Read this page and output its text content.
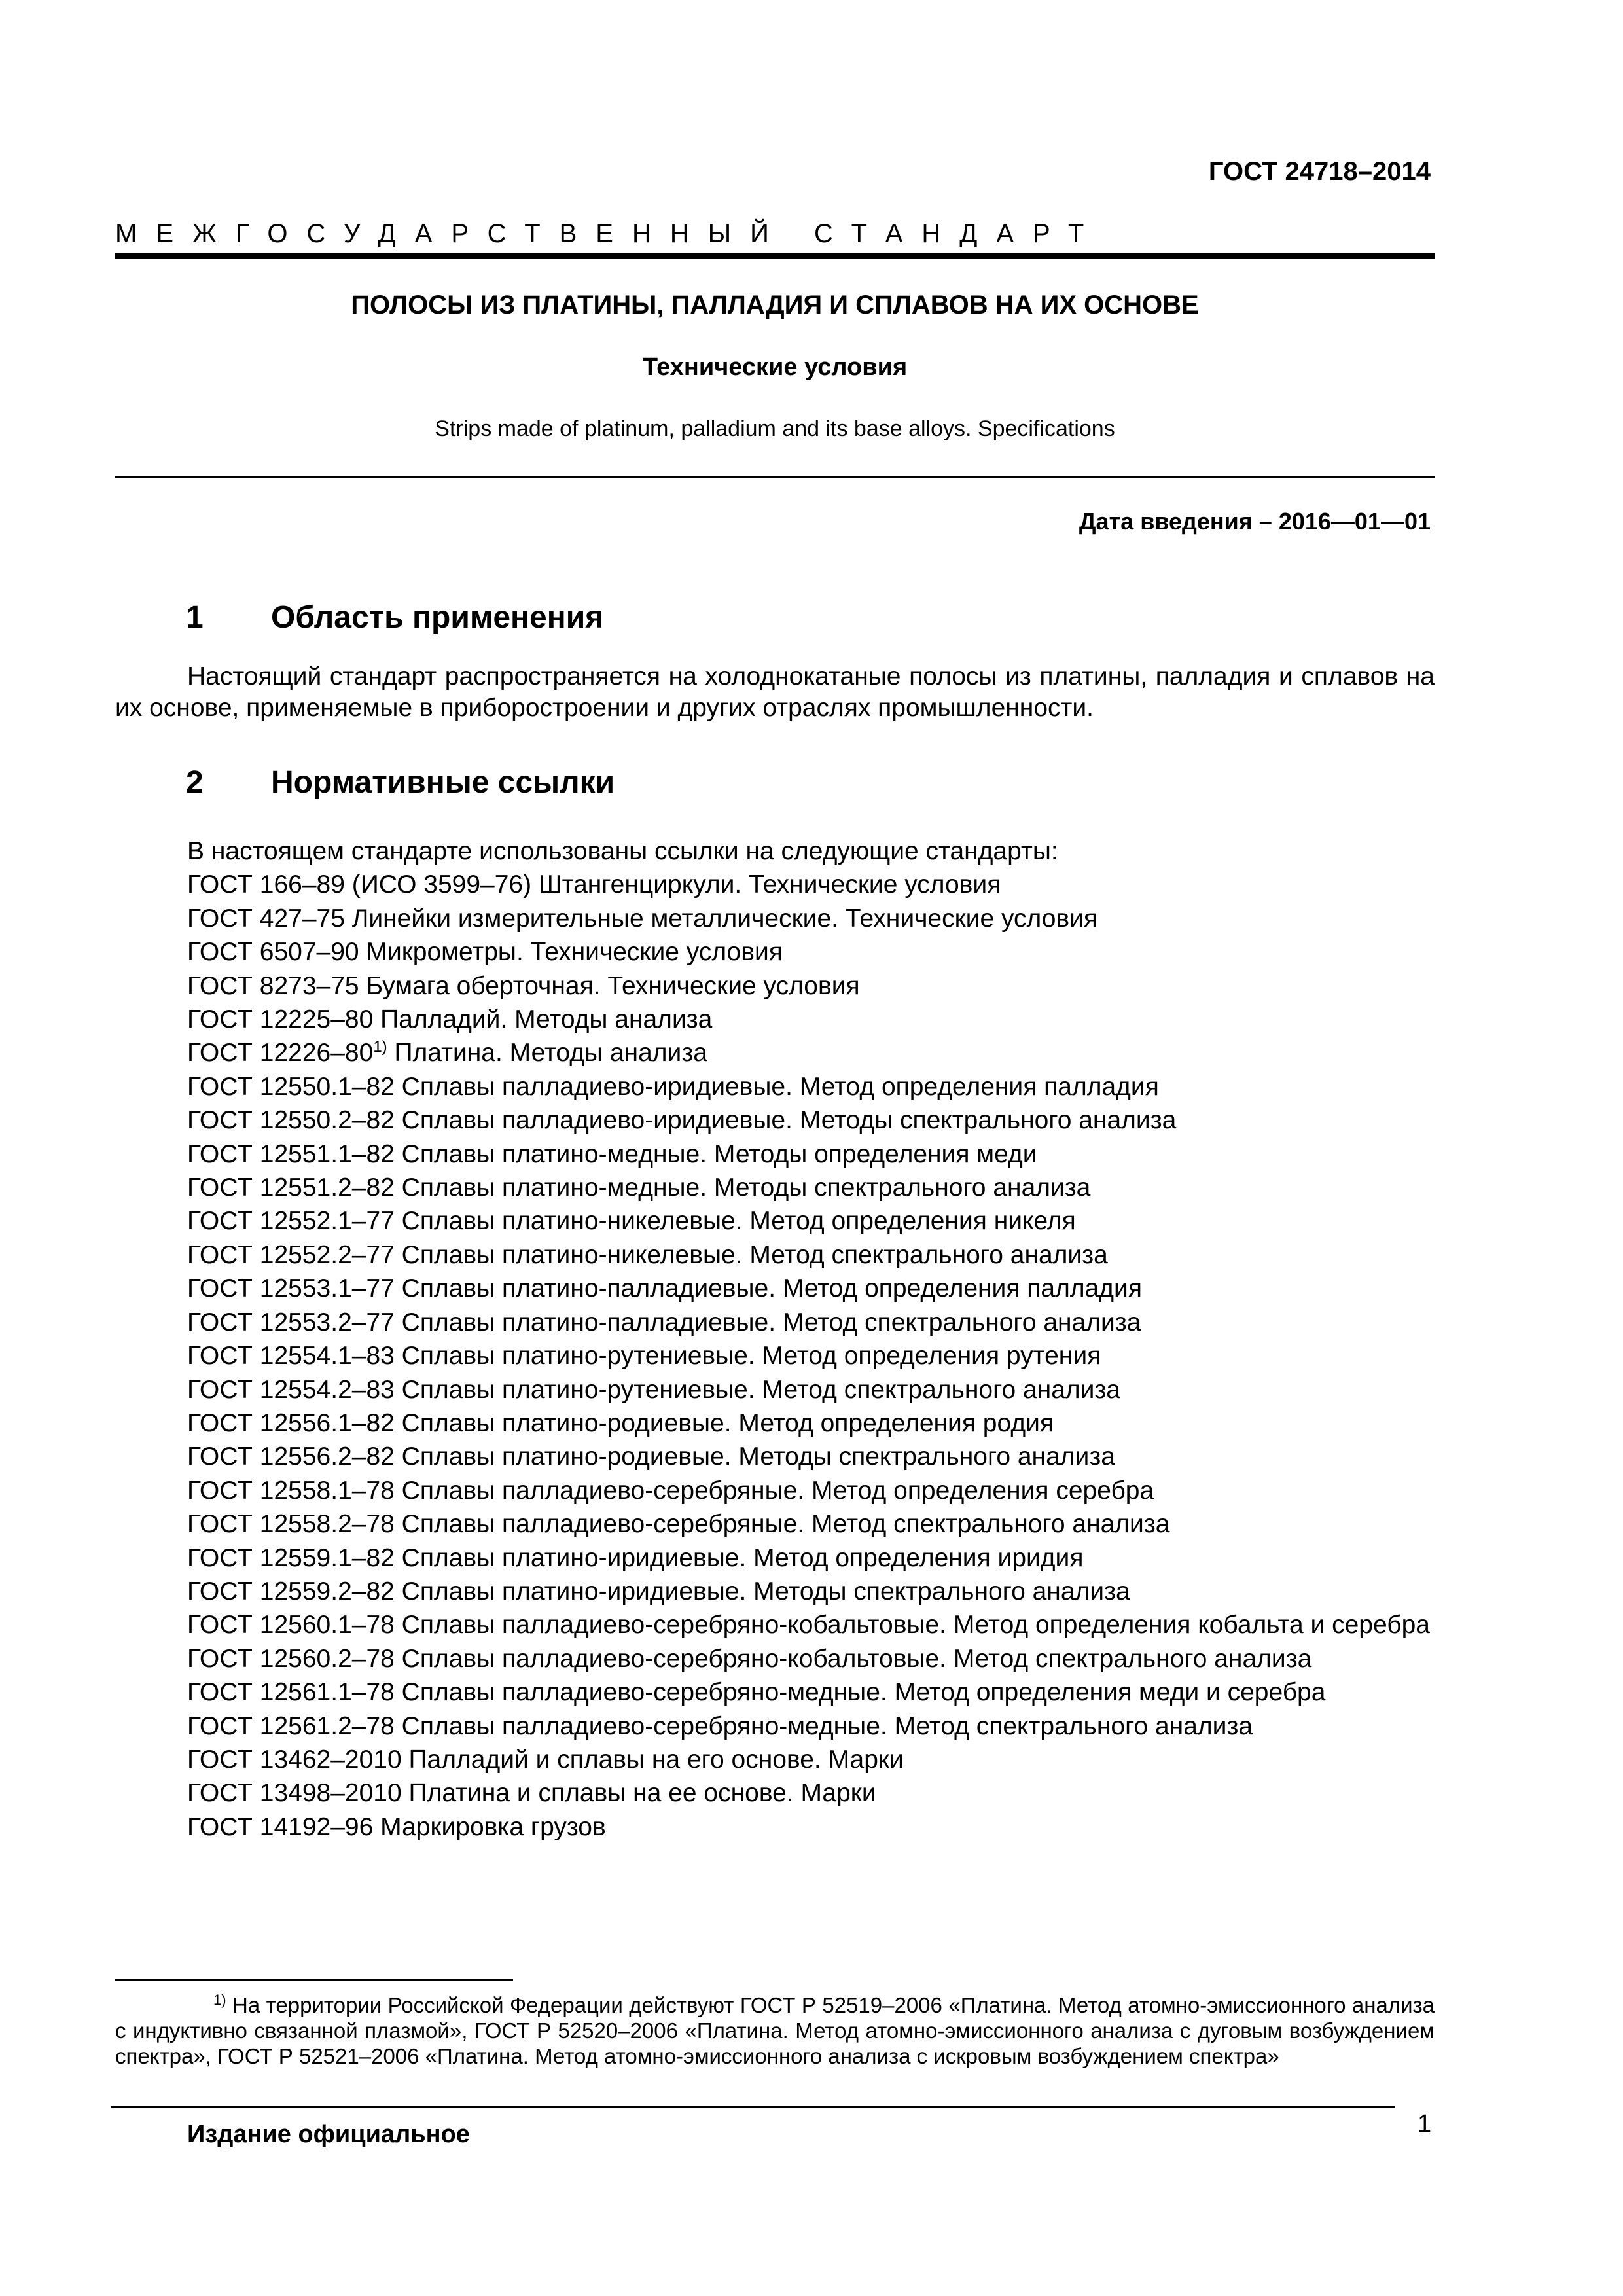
ГОСТ 24718–2014
МЕЖГОСУДАРСТВЕННЫЙ СТАНДАРТ
ПОЛОСЫ ИЗ ПЛАТИНЫ, ПАЛЛАДИЯ И СПЛАВОВ НА ИХ ОСНОВЕ
Технические условия
Strips made of platinum, palladium and its base alloys. Specifications
Дата введения – 2016—01—01
1 Область применения
Настоящий стандарт распространяется на холоднокатаные полосы из платины, палладия и сплавов на их основе, применяемые в приборостроении и других отраслях промышленности.
2 Нормативные ссылки
В настоящем стандарте использованы ссылки на следующие стандарты:
ГОСТ 166–89 (ИСО 3599–76) Штангенциркули. Технические условия
ГОСТ 427–75 Линейки измерительные металлические. Технические условия
ГОСТ 6507–90 Микрометры. Технические условия
ГОСТ 8273–75 Бумага оберточная. Технические условия
ГОСТ 12225–80 Палладий. Методы анализа
ГОСТ 12226–80$^{1)}$ Платина. Методы анализа
ГОСТ 12550.1–82 Сплавы палладиево-иридиевые. Метод определения палладия
ГОСТ 12550.2–82 Сплавы палладиево-иридиевые. Методы спектрального анализа
ГОСТ 12551.1–82 Сплавы платино-медные. Методы определения меди
ГОСТ 12551.2–82 Сплавы платино-медные. Методы спектрального анализа
ГОСТ 12552.1–77 Сплавы платино-никелевые. Метод определения никеля
ГОСТ 12552.2–77 Сплавы платино-никелевые. Метод спектрального анализа
ГОСТ 12553.1–77 Сплавы платино-палладиевые. Метод определения палладия
ГОСТ 12553.2–77 Сплавы платино-палладиевые. Метод спектрального анализа
ГОСТ 12554.1–83 Сплавы платино-рутениевые. Метод определения рутения
ГОСТ 12554.2–83 Сплавы платино-рутениевые. Метод спектрального анализа
ГОСТ 12556.1–82 Сплавы платино-родиевые. Метод определения родия
ГОСТ 12556.2–82 Сплавы платино-родиевые. Методы спектрального анализа
ГОСТ 12558.1–78 Сплавы палладиево-серебряные. Метод определения серебра
ГОСТ 12558.2–78 Сплавы палладиево-серебряные. Метод спектрального анализа
ГОСТ 12559.1–82 Сплавы платино-иридиевые. Метод определения иридия
ГОСТ 12559.2–82 Сплавы платино-иридиевые. Методы спектрального анализа
ГОСТ 12560.1–78 Сплавы палладиево-серебряно-кобальтовые. Метод определения кобальта и серебра
ГОСТ 12560.2–78 Сплавы палладиево-серебряно-кобальтовые. Метод спектрального анализа
ГОСТ 12561.1–78 Сплавы палладиево-серебряно-медные. Метод определения меди и серебра
ГОСТ 12561.2–78 Сплавы палладиево-серебряно-медные. Метод спектрального анализа
ГОСТ 13462–2010 Палладий и сплавы на его основе. Марки
ГОСТ 13498–2010 Платина и сплавы на ее основе. Марки
ГОСТ 14192–96 Маркировка грузов
$^{1)}$ На территории Российской Федерации действуют ГОСТ Р 52519–2006 «Платина. Метод атомно-эмиссионного анализа с индуктивно связанной плазмой», ГОСТ Р 52520–2006 «Платина. Метод атомно-эмиссионного анализа с дуговым возбуждением спектра», ГОСТ Р 52521–2006 «Платина. Метод атомно-эмиссионного анализа с искровым возбуждением спектра»
1
Издание официальное
